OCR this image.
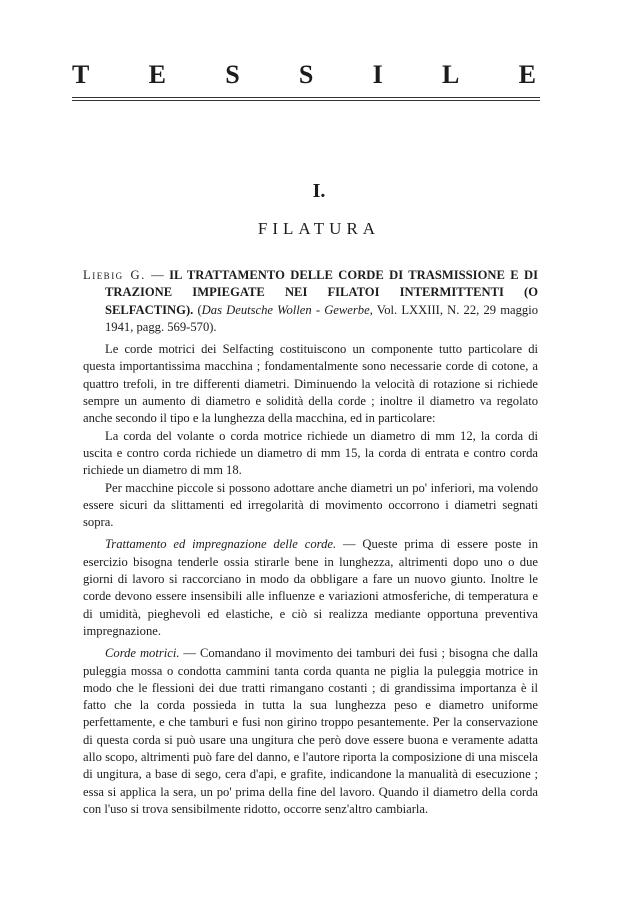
T E S S I L E
I.
FILATURA

Liebig G. — IL TRATTAMENTO DELLE CORDE DI TRASMISSIONE E DI TRAZIONE IMPIEGATE NEI FILATOI INTERMITTENTI (O SELFACTING). (Das Deutsche Wollen - Gewerbe, Vol. LXXIII, N. 22, 29 maggio 1941, pagg. 569-570).

Le corde motrici dei Selfacting costituiscono un componente tutto particolare di questa importantissima macchina ; fondamentalmente sono necessarie corde di cotone, a quattro trefoli, in tre differenti diametri. Diminuendo la velocità di rotazione si richiede sempre un aumento di diametro e solidità della corde ; inoltre il diametro va regolato anche secondo il tipo e la lunghezza della macchina, ed in particolare:

La corda del volante o corda motrice richiede un diametro di mm 12, la corda di uscita e contro corda richiede un diametro di mm 15, la corda di entrata e contro corda richiede un diametro di mm 18.

Per macchine piccole si possono adottare anche diametri un po' inferiori, ma volendo essere sicuri da slittamenti ed irregolarità di movimento occorrono i diametri segnati sopra.

Trattamento ed impregnazione delle corde. — Queste prima di essere poste in esercizio bisogna tenderle ossia stirarle bene in lunghezza, altrimenti dopo uno o due giorni di lavoro si raccorciano in modo da obbligare a fare un nuovo giunto. Inoltre le corde devono essere insensibili alle influenze e variazioni atmosferiche, di temperatura e di umidità, pieghevoli ed elastiche, e ciò si realizza mediante opportuna preventiva impregnazione.

Corde motrici. — Comandano il movimento dei tamburi dei fusi ; bisogna che dalla puleggia mossa o condotta cammini tanta corda quanta ne piglia la puleggia motrice in modo che le flessioni dei due tratti rimangano costanti ; di grandissima importanza è il fatto che la corda possieda in tutta la sua lunghezza peso e diametro uniforme perfettamente, e che tamburi e fusi non girino troppo pesantemente. Per la conservazione di questa corda si può usare una ungitura che però dove essere buona e veramente adatta allo scopo, altrimenti può fare del danno, e l'autore riporta la composizione di una miscela di ungitura, a base di sego, cera d'api, e grafite, indicandone la manualità di esecuzione ; essa si applica la sera, un po' prima della fine del lavoro. Quando il diametro della corda con l'uso si trova sensibilmente ridotto, occorre senz'altro cambiarla.
